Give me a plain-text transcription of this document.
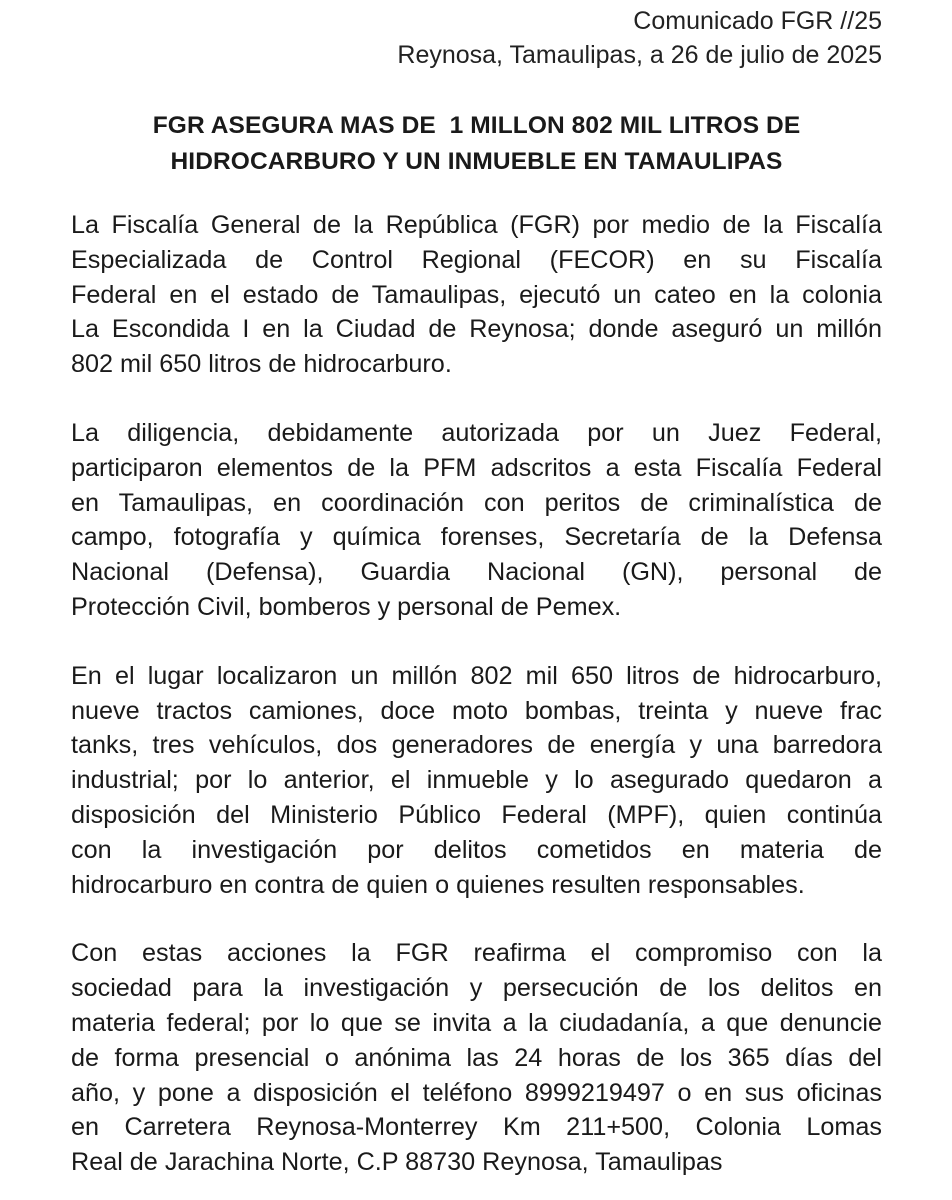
Comunicado FGR //25
Reynosa, Tamaulipas, a 26 de julio de 2025
FGR ASEGURA MAS DE  1 MILLON 802 MIL LITROS DE
HIDROCARBURO Y UN INMUEBLE EN TAMAULIPAS

La Fiscalía General de la República (FGR) por medio de la Fiscalía
Especializada de Control Regional (FECOR) en su Fiscalía
Federal en el estado de Tamaulipas, ejecutó un cateo en la colonia
La Escondida I en la Ciudad de Reynosa; donde aseguró un millón
802 mil 650 litros de hidrocarburo.

La diligencia, debidamente autorizada por un Juez Federal,
participaron elementos de la PFM adscritos a esta Fiscalía Federal
en Tamaulipas, en coordinación con peritos de criminalística de
campo, fotografía y química forenses, Secretaría de la Defensa
Nacional (Defensa), Guardia Nacional (GN), personal de
Protección Civil, bomberos y personal de Pemex.

En el lugar localizaron un millón 802 mil 650 litros de hidrocarburo,
nueve tractos camiones, doce moto bombas, treinta y nueve frac
tanks, tres vehículos, dos generadores de energía y una barredora
industrial; por lo anterior, el inmueble y lo asegurado quedaron a
disposición del Ministerio Público Federal (MPF), quien continúa
con la investigación por delitos cometidos en materia de
hidrocarburo en contra de quien o quienes resulten responsables.

Con estas acciones la FGR reafirma el compromiso con la
sociedad para la investigación y persecución de los delitos en
materia federal; por lo que se invita a la ciudadanía, a que denuncie
de forma presencial o anónima las 24 horas de los 365 días del
año, y pone a disposición el teléfono 8999219497 o en sus oficinas
en Carretera Reynosa-Monterrey Km 211+500, Colonia Lomas
Real de Jarachina Norte, C.P 88730 Reynosa, Tamaulipas
